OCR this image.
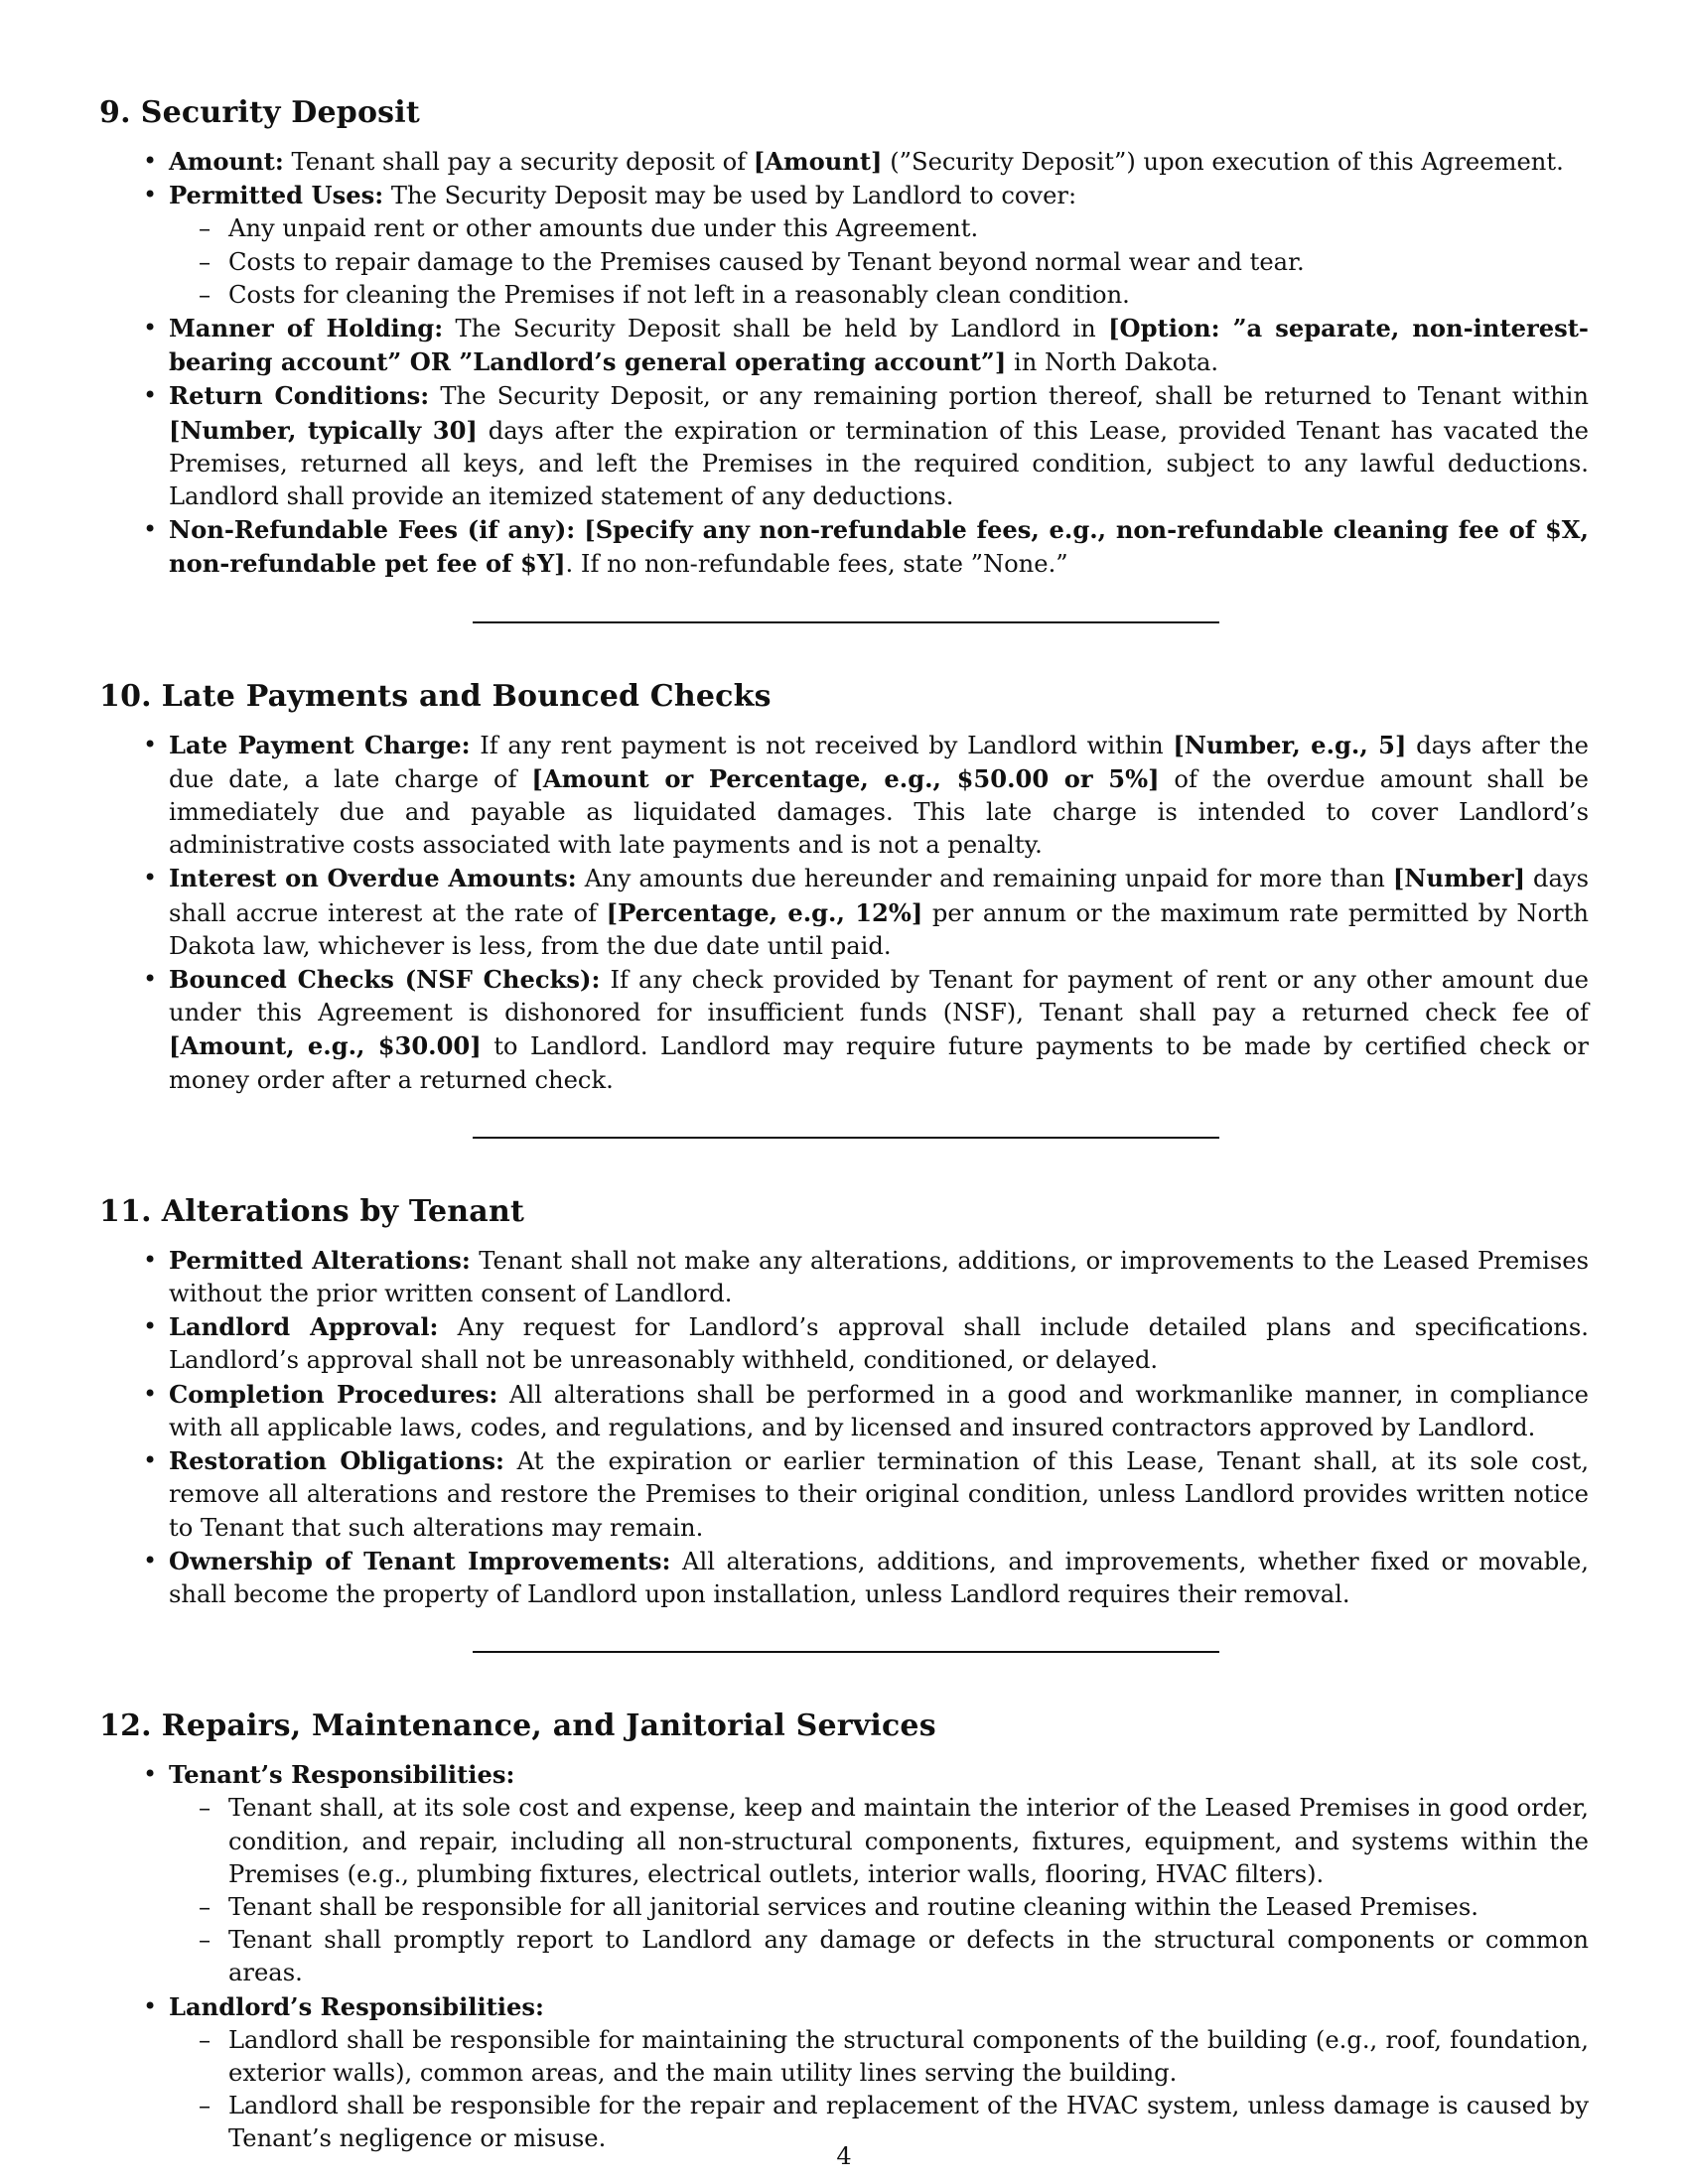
9. Security Deposit
• Amount: Tenant shall pay a security deposit of [Amount] (”Security Deposit”) upon execution of this Agreement.
• Permitted Uses: The Security Deposit may be used by Landlord to cover:
– Any unpaid rent or other amounts due under this Agreement.
– Costs to repair damage to the Premises caused by Tenant beyond normal wear and tear.
– Costs for cleaning the Premises if not left in a reasonably clean condition.
• Manner of Holding: The Security Deposit shall be held by Landlord in [Option: ”a separate, non-interest-bearing account” OR ”Landlord’s general operating account”] in North Dakota.
• Return Conditions: The Security Deposit, or any remaining portion thereof, shall be returned to Tenant within [Number, typically 30] days after the expiration or termination of this Lease, provided Tenant has vacated the Premises, returned all keys, and left the Premises in the required condition, subject to any lawful deductions. Landlord shall provide an itemized statement of any deductions.
• Non-Refundable Fees (if any): [Specify any non-refundable fees, e.g., non-refundable cleaning fee of $X, non-refundable pet fee of $Y]. If no non-refundable fees, state ”None.”
10. Late Payments and Bounced Checks
• Late Payment Charge: If any rent payment is not received by Landlord within [Number, e.g., 5] days after the due date, a late charge of [Amount or Percentage, e.g., $50.00 or 5%] of the overdue amount shall be immediately due and payable as liquidated damages. This late charge is intended to cover Landlord’s administrative costs associated with late payments and is not a penalty.
• Interest on Overdue Amounts: Any amounts due hereunder and remaining unpaid for more than [Number] days shall accrue interest at the rate of [Percentage, e.g., 12%] per annum or the maximum rate permitted by North Dakota law, whichever is less, from the due date until paid.
• Bounced Checks (NSF Checks): If any check provided by Tenant for payment of rent or any other amount due under this Agreement is dishonored for insufficient funds (NSF), Tenant shall pay a returned check fee of [Amount, e.g., $30.00] to Landlord. Landlord may require future payments to be made by certified check or money order after a returned check.
11. Alterations by Tenant
• Permitted Alterations: Tenant shall not make any alterations, additions, or improvements to the Leased Premises without the prior written consent of Landlord.
• Landlord Approval: Any request for Landlord’s approval shall include detailed plans and specifications. Landlord’s approval shall not be unreasonably withheld, conditioned, or delayed.
• Completion Procedures: All alterations shall be performed in a good and workmanlike manner, in compliance with all applicable laws, codes, and regulations, and by licensed and insured contractors approved by Landlord.
• Restoration Obligations: At the expiration or earlier termination of this Lease, Tenant shall, at its sole cost, remove all alterations and restore the Premises to their original condition, unless Landlord provides written notice to Tenant that such alterations may remain.
• Ownership of Tenant Improvements: All alterations, additions, and improvements, whether fixed or movable, shall become the property of Landlord upon installation, unless Landlord requires their removal.
12. Repairs, Maintenance, and Janitorial Services
• Tenant’s Responsibilities:
– Tenant shall, at its sole cost and expense, keep and maintain the interior of the Leased Premises in good order, condition, and repair, including all non-structural components, fixtures, equipment, and systems within the Premises (e.g., plumbing fixtures, electrical outlets, interior walls, flooring, HVAC filters).
– Tenant shall be responsible for all janitorial services and routine cleaning within the Leased Premises.
– Tenant shall promptly report to Landlord any damage or defects in the structural components or common areas.
• Landlord’s Responsibilities:
– Landlord shall be responsible for maintaining the structural components of the building (e.g., roof, foundation, exterior walls), common areas, and the main utility lines serving the building.
– Landlord shall be responsible for the repair and replacement of the HVAC system, unless damage is caused by Tenant’s negligence or misuse.
4
